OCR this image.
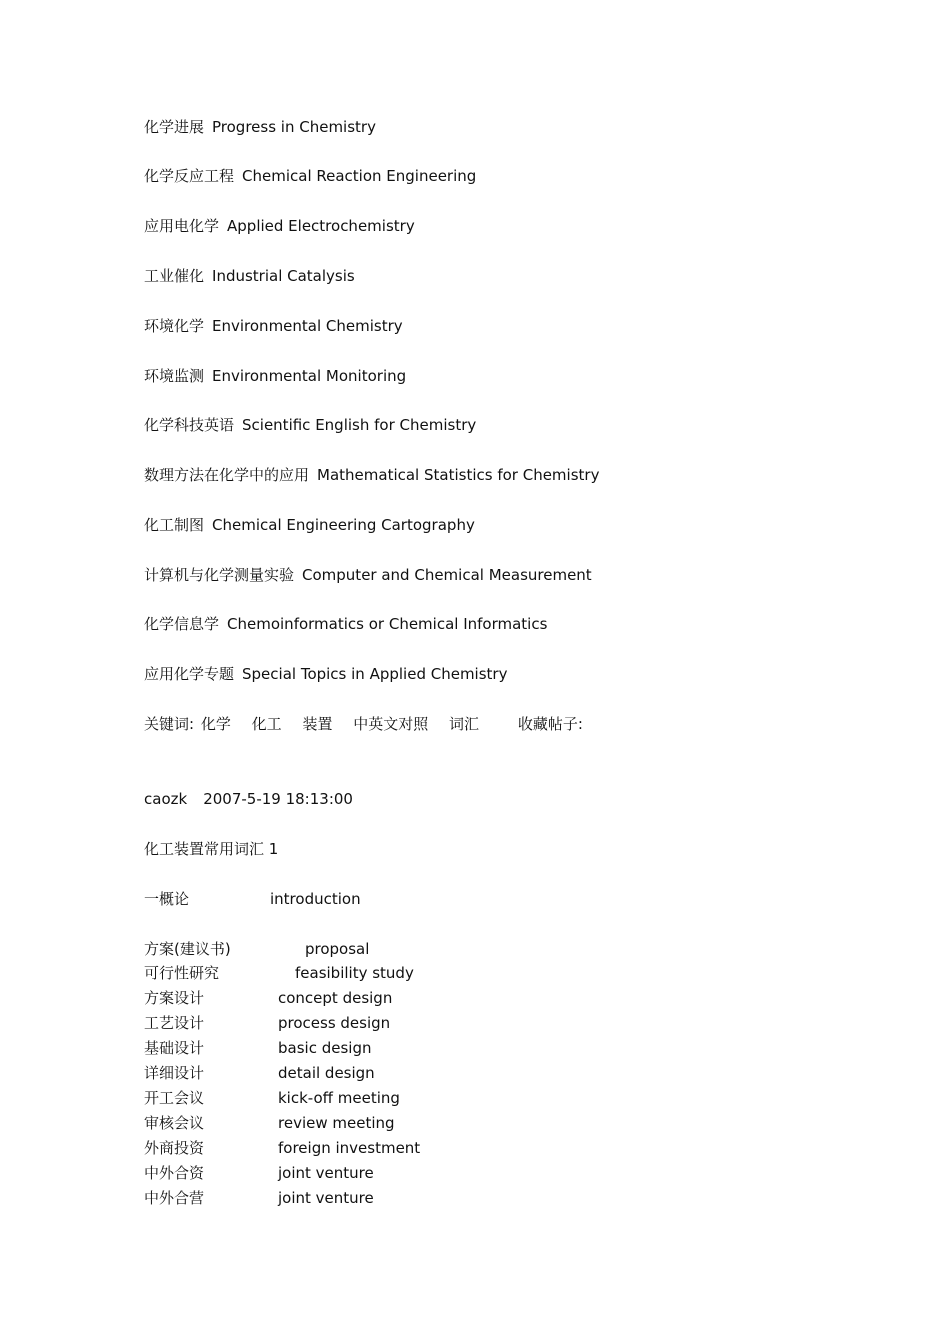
化学进展 Progress in Chemistry
化学反应工程 Chemical Reaction Engineering
应用电化学 Applied Electrochemistry
工业催化 Industrial Catalysis
环境化学 Environmental Chemistry
环境监测 Environmental Monitoring
化学科技英语 Scientific English for Chemistry
数理方法在化学中的应用 Mathematical Statistics for Chemistry
化工制图 Chemical Engineering Cartography
计算机与化学测量实验 Computer and Chemical Measurement
化学信息学 Chemoinformatics or Chemical Informatics
应用化学专题 Special Topics in Applied Chemistry
关键词: 化学 化工 装置 中英文对照 词汇	收藏帖子:
caozk 2007-5-19 18:13:00
化工装置常用词汇 1
一概论	introduction
方案(建议书)	proposal
可行性研究	feasibility study
方案设计	concept design
工艺设计	process design
基础设计	basic design
详细设计	detail design
开工会议	kick-off meeting
审核会议	review meeting
外商投资	foreign investment
中外合资	joint venture
中外合营	joint venture
